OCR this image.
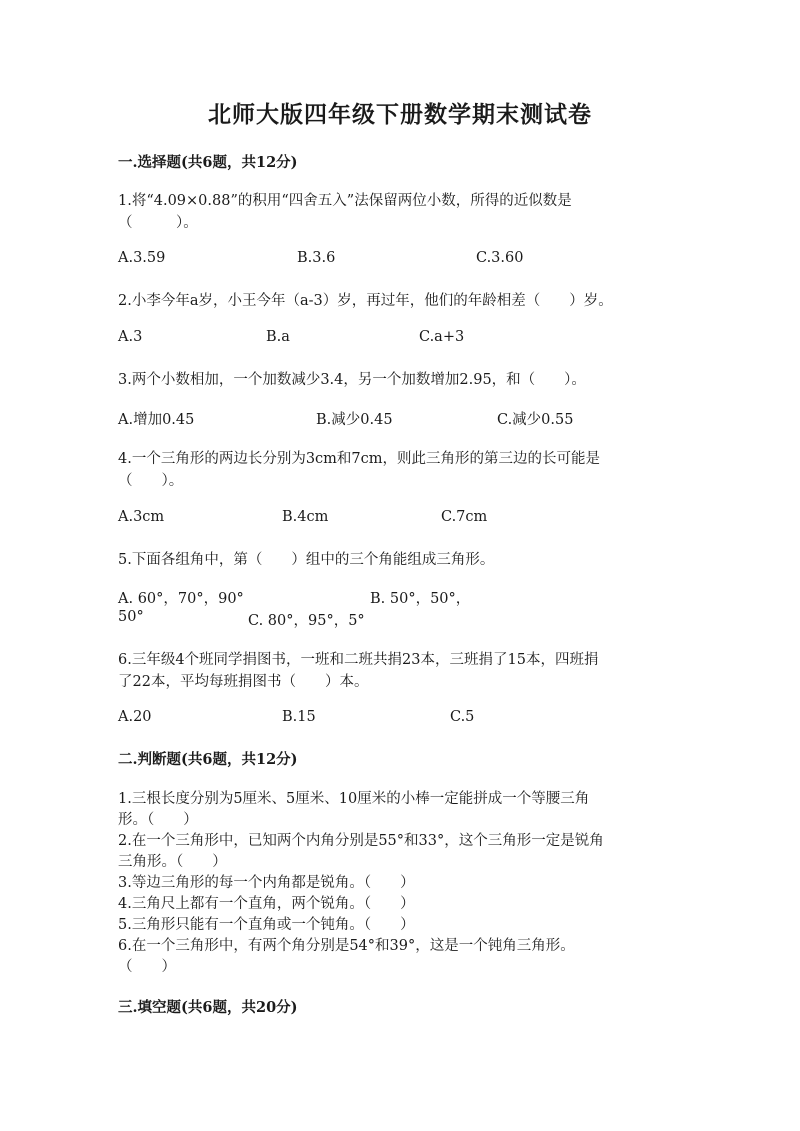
北师大版四年级下册数学期末测试卷
一.选择题(共6题，共12分)
1.将“4.09×0.88”的积用“四舍五入”法保留两位小数，所得的近似数是
（　　　）。
A.3.59	B.3.6	C.3.60
2.小李今年a岁，小王今年（a-3）岁，再过年，他们的年龄相差（　　）岁。
A.3	B.a	C.a+3
3.两个小数相加，一个加数减少3.4，另一个加数增加2.95，和（　　）。
A.增加0.45	B.减少0.45	C.减少0.55
4.一个三角形的两边长分别为3cm和7cm，则此三角形的第三边的长可能是
（　　）。
A.3cm	B.4cm	C.7cm
5.下面各组角中，第（　　）组中的三个角能组成三角形。
A. 60°，70°，90°	B. 50°，50°，
50°	C. 80°，95°，5°
6.三年级4个班同学捐图书，一班和二班共捐23本，三班捐了15本，四班捐
了22本，平均每班捐图书（　　）本。
A.20	B.15	C.5
二.判断题(共6题，共12分)
1.三根长度分别为5厘米、5厘米、10厘米的小棒一定能拼成一个等腰三角
形。（　　）
2.在一个三角形中，已知两个内角分别是55°和33°，这个三角形一定是锐角
三角形。（　　）
3.等边三角形的每一个内角都是锐角。（　　）
4.三角尺上都有一个直角，两个锐角。（　　）
5.三角形只能有一个直角或一个钝角。（　　）
6.在一个三角形中，有两个角分别是54°和39°，这是一个钝角三角形。
（　　）
三.填空题(共6题，共20分)
